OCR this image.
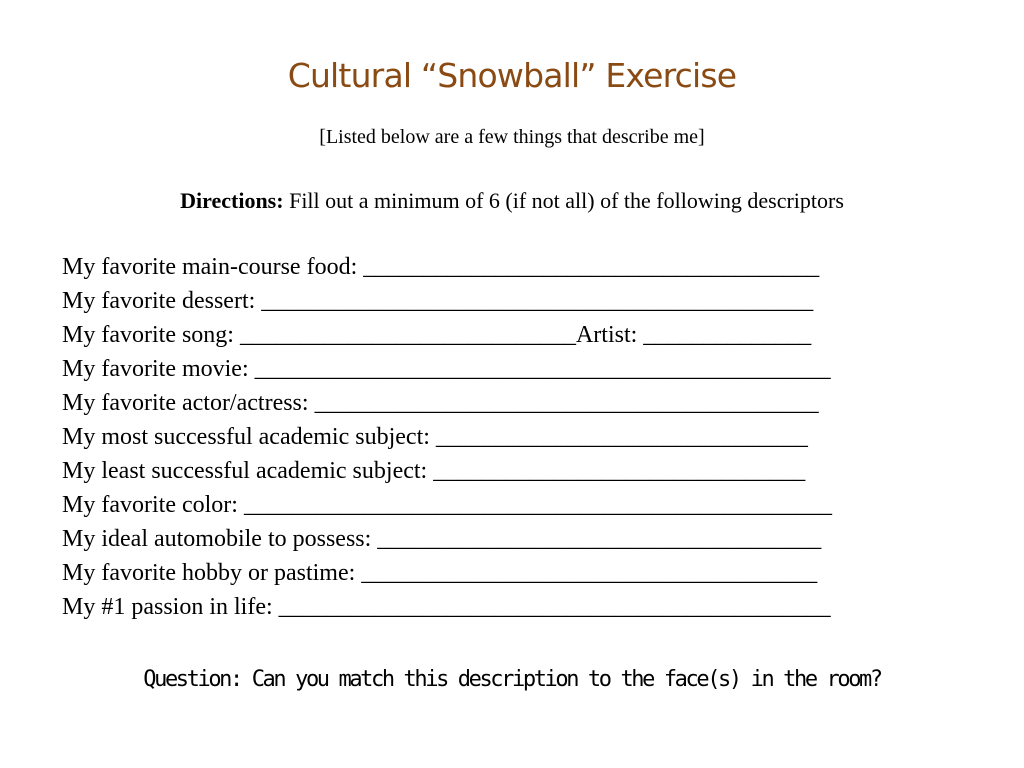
Cultural “Snowball” Exercise
[Listed below are a few things that describe me]
Directions: Fill out a minimum of 6 (if not all) of the following descriptors
My favorite main-course food: ______________________________________
My favorite dessert: ______________________________________________
My favorite song: ____________________________Artist: ______________
My favorite movie: ________________________________________________
My favorite actor/actress: __________________________________________
My most successful academic subject: _______________________________
My least successful academic subject: _______________________________
My favorite color: _________________________________________________
My ideal automobile to possess: _____________________________________
My favorite hobby or pastime: ______________________________________
My #1 passion in life: ______________________________________________
Question: Can you match this description to the face(s) in the room?
